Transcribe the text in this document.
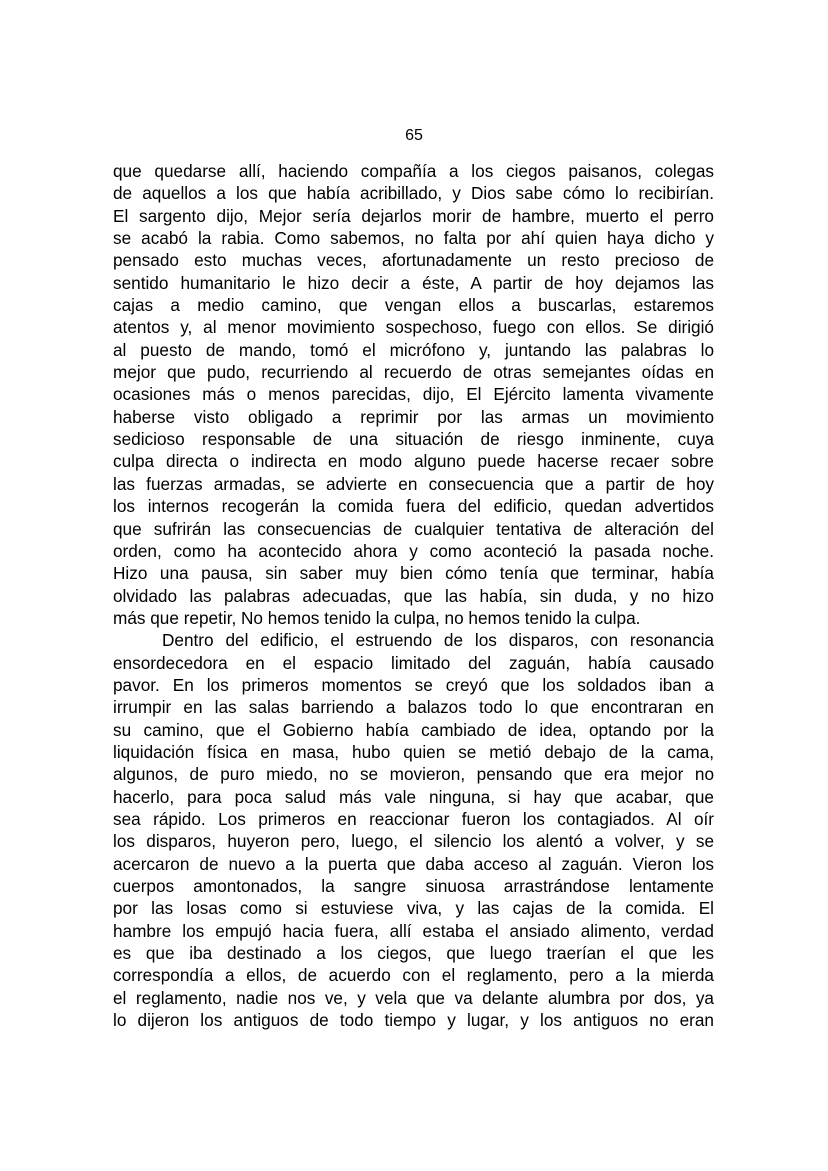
65
que quedarse allí, haciendo compañía a los ciegos paisanos, colegas
de aquellos a los que había acribillado, y Dios sabe cómo lo recibirían.
El sargento dijo, Mejor sería dejarlos morir de hambre, muerto el perro
se acabó la rabia. Como sabemos, no falta por ahí quien haya dicho y
pensado esto muchas veces, afortunadamente un resto precioso de
sentido humanitario le hizo decir a éste, A partir de hoy dejamos las
cajas a medio camino, que vengan ellos a buscarlas, estaremos
atentos y, al menor movimiento sospechoso, fuego con ellos. Se dirigió
al puesto de mando, tomó el micrófono y, juntando las palabras lo
mejor que pudo, recurriendo al recuerdo de otras semejantes oídas en
ocasiones más o menos parecidas, dijo, El Ejército lamenta vivamente
haberse visto obligado a reprimir por las armas un movimiento
sedicioso responsable de una situación de riesgo inminente, cuya
culpa directa o indirecta en modo alguno puede hacerse recaer sobre
las fuerzas armadas, se advierte en consecuencia que a partir de hoy
los internos recogerán la comida fuera del edificio, quedan advertidos
que sufrirán las consecuencias de cualquier tentativa de alteración del
orden, como ha acontecido ahora y como aconteció la pasada noche.
Hizo una pausa, sin saber muy bien cómo tenía que terminar, había
olvidado las palabras adecuadas, que las había, sin duda, y no hizo
más que repetir, No hemos tenido la culpa, no hemos tenido la culpa.
Dentro del edificio, el estruendo de los disparos, con resonancia
ensordecedora en el espacio limitado del zaguán, había causado
pavor. En los primeros momentos se creyó que los soldados iban a
irrumpir en las salas barriendo a balazos todo lo que encontraran en
su camino, que el Gobierno había cambiado de idea, optando por la
liquidación física en masa, hubo quien se metió debajo de la cama,
algunos, de puro miedo, no se movieron, pensando que era mejor no
hacerlo, para poca salud más vale ninguna, si hay que acabar, que
sea rápido. Los primeros en reaccionar fueron los contagiados. Al oír
los disparos, huyeron pero, luego, el silencio los alentó a volver, y se
acercaron de nuevo a la puerta que daba acceso al zaguán. Vieron los
cuerpos amontonados, la sangre sinuosa arrastrándose lentamente
por las losas como si estuviese viva, y las cajas de la comida. El
hambre los empujó hacia fuera, allí estaba el ansiado alimento, verdad
es que iba destinado a los ciegos, que luego traerían el que les
correspondía a ellos, de acuerdo con el reglamento, pero a la mierda
el reglamento, nadie nos ve, y vela que va delante alumbra por dos, ya
lo dijeron los antiguos de todo tiempo y lugar, y los antiguos no eran
